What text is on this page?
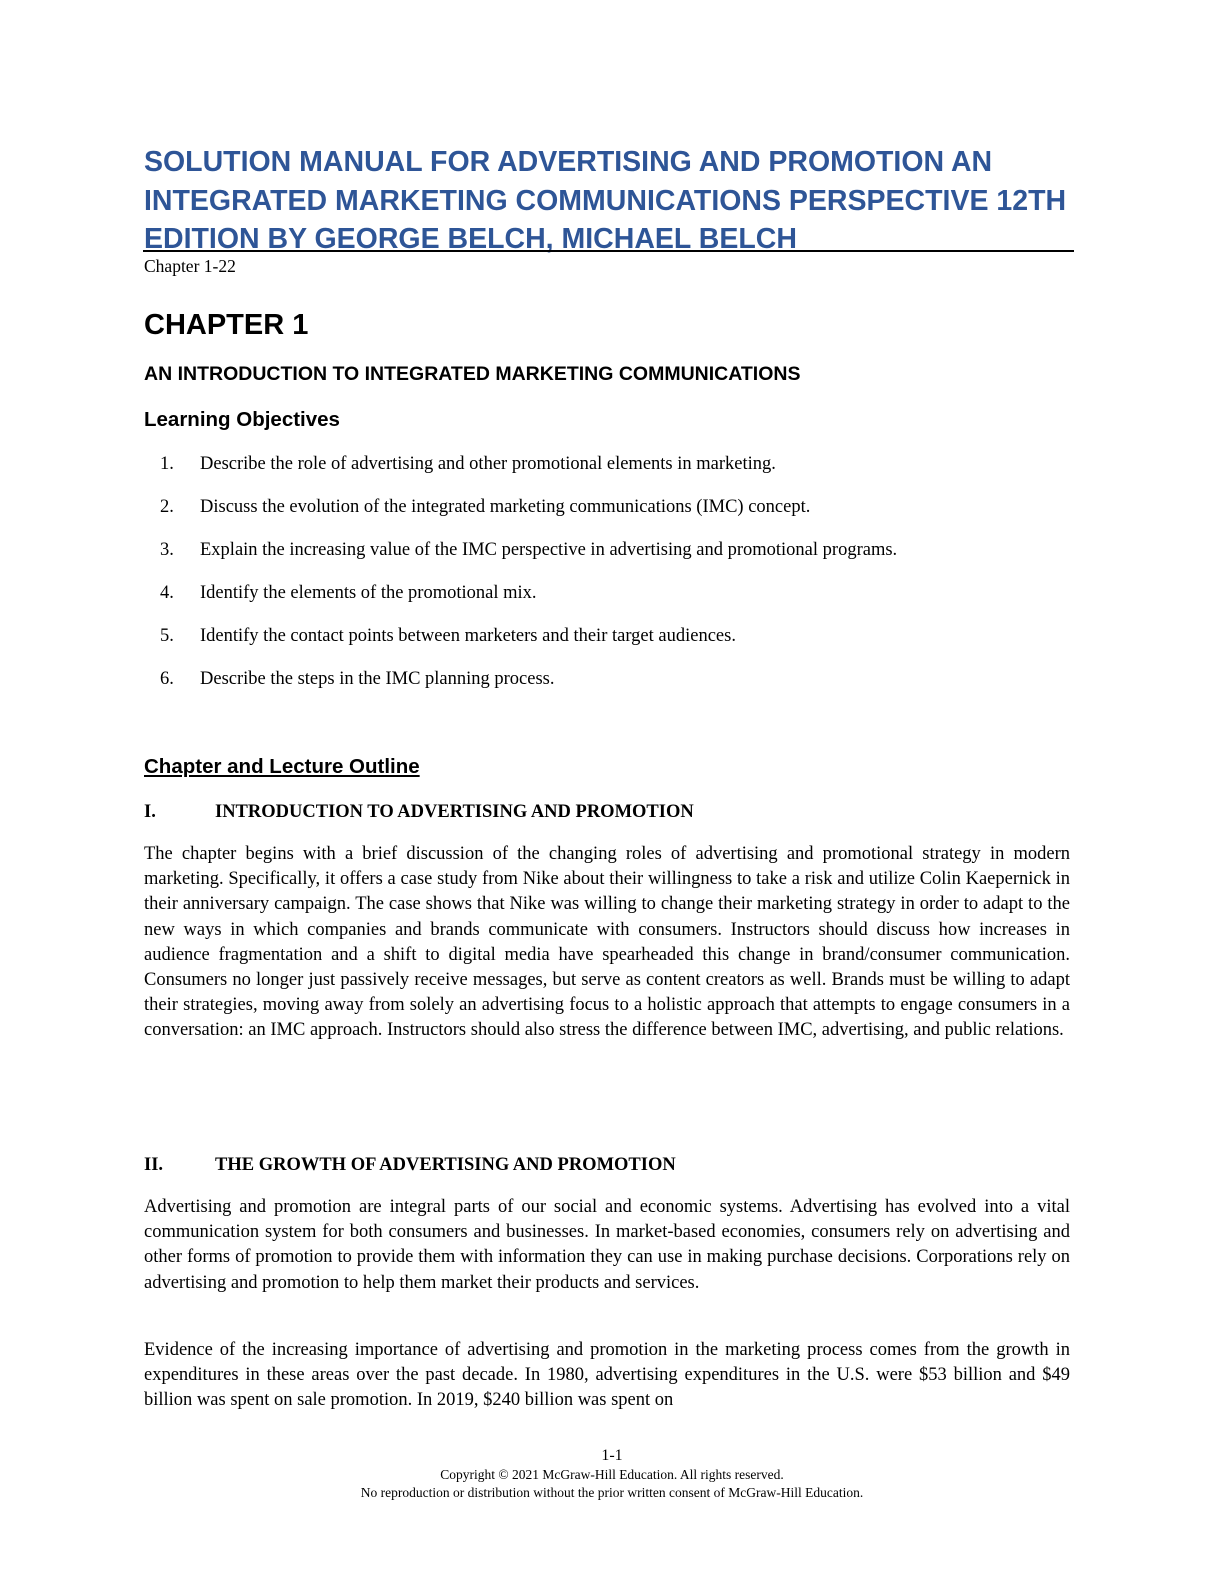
SOLUTION MANUAL FOR ADVERTISING AND PROMOTION AN INTEGRATED MARKETING COMMUNICATIONS PERSPECTIVE 12TH EDITION BY GEORGE BELCH, MICHAEL BELCH
Chapter 1-22
CHAPTER 1
AN INTRODUCTION TO INTEGRATED MARKETING COMMUNICATIONS
Learning Objectives
1. Describe the role of advertising and other promotional elements in marketing.
2. Discuss the evolution of the integrated marketing communications (IMC) concept.
3. Explain the increasing value of the IMC perspective in advertising and promotional programs.
4. Identify the elements of the promotional mix.
5. Identify the contact points between marketers and their target audiences.
6. Describe the steps in the IMC planning process.
Chapter and Lecture Outline
I.	INTRODUCTION TO ADVERTISING AND PROMOTION

The chapter begins with a brief discussion of the changing roles of advertising and promotional strategy in modern marketing. Specifically, it offers a case study from Nike about their willingness to take a risk and utilize Colin Kaepernick in their anniversary campaign. The case shows that Nike was willing to change their marketing strategy in order to adapt to the new ways in which companies and brands communicate with consumers. Instructors should discuss how increases in audience fragmentation and a shift to digital media have spearheaded this change in brand/consumer communication. Consumers no longer just passively receive messages, but serve as content creators as well. Brands must be willing to adapt their strategies, moving away from solely an advertising focus to a holistic approach that attempts to engage consumers in a conversation: an IMC approach. Instructors should also stress the difference between IMC, advertising, and public relations.

II.	THE GROWTH OF ADVERTISING AND PROMOTION

Advertising and promotion are integral parts of our social and economic systems. Advertising has evolved into a vital communication system for both consumers and businesses. In market-based economies, consumers rely on advertising and other forms of promotion to provide them with information they can use in making purchase decisions. Corporations rely on advertising and promotion to help them market their products and services.

Evidence of the increasing importance of advertising and promotion in the marketing process comes from the growth in expenditures in these areas over the past decade. In 1980, advertising expenditures in the U.S. were $53 billion and $49 billion was spent on sale promotion. In 2019, $240 billion was spent on

1-1
Copyright © 2021 McGraw-Hill Education. All rights reserved.
No reproduction or distribution without the prior written consent of McGraw-Hill Education.
